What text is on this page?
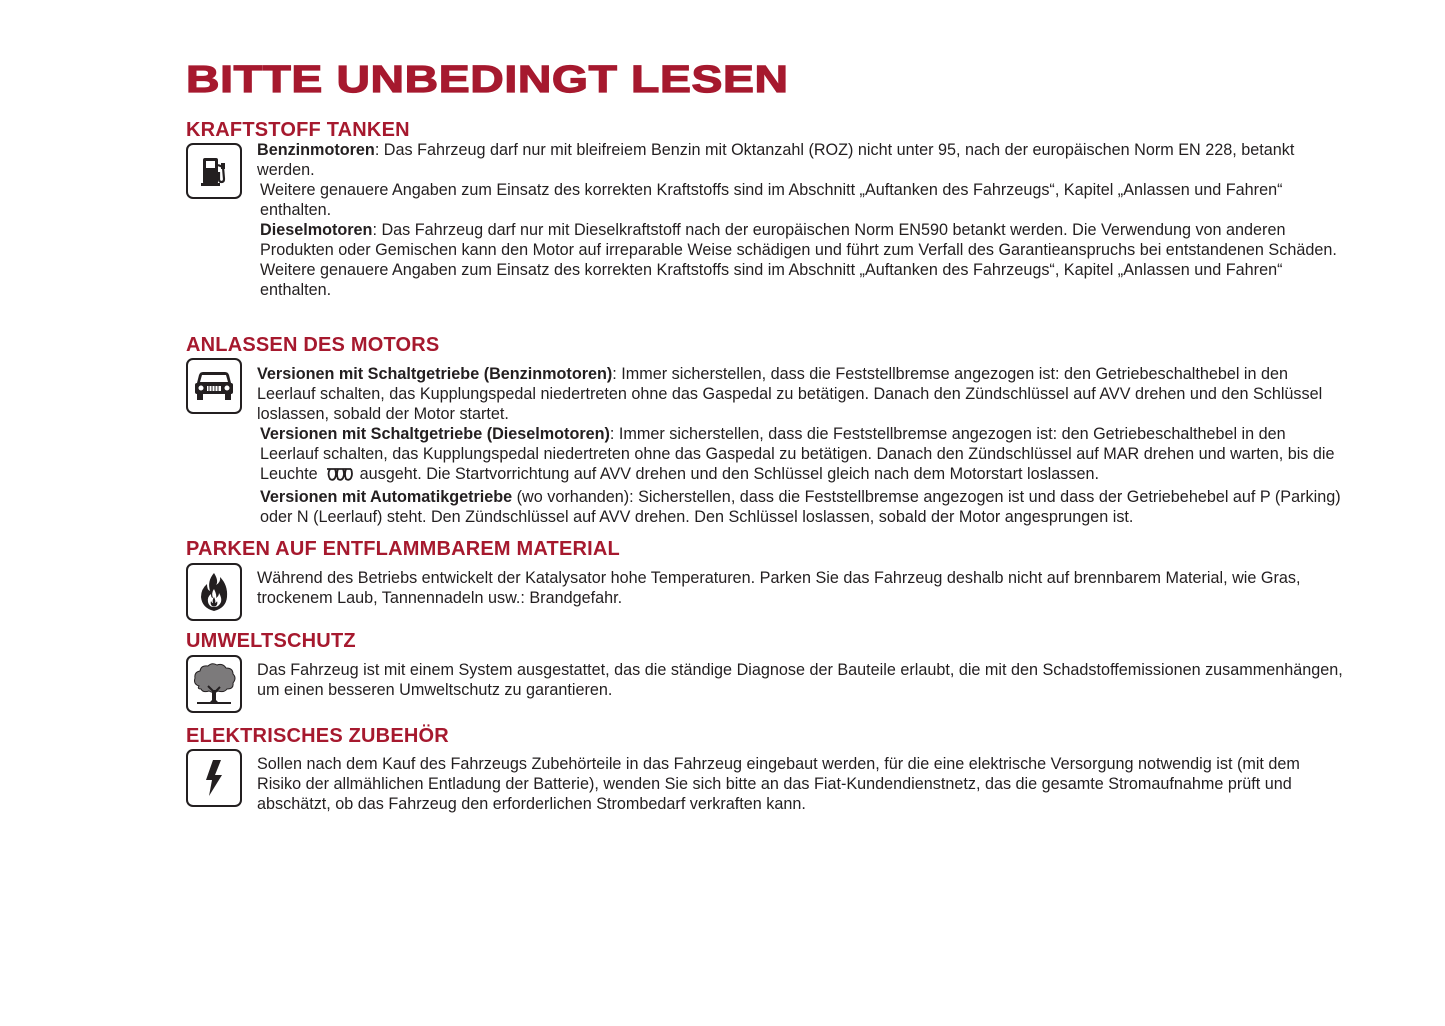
BITTE UNBEDINGT LESEN
KRAFTSTOFF TANKEN

Benzinmotoren: Das Fahrzeug darf nur mit bleifreiem Benzin mit Oktanzahl (ROZ) nicht unter 95, nach der europäischen Norm EN 228, betankt werden.

Weitere genauere Angaben zum Einsatz des korrekten Kraftstoffs sind im Abschnitt „Auftanken des Fahrzeugs“, Kapitel „Anlassen und Fahren“ enthalten.

Dieselmotoren: Das Fahrzeug darf nur mit Dieselkraftstoff nach der europäischen Norm EN590 betankt werden. Die Verwendung von anderen Produkten oder Gemischen kann den Motor auf irreparable Weise schädigen und führt zum Verfall des Garantieanspruchs bei entstandenen Schäden.

Weitere genauere Angaben zum Einsatz des korrekten Kraftstoffs sind im Abschnitt „Auftanken des Fahrzeugs“, Kapitel „Anlassen und Fahren“ enthalten.

ANLASSEN DES MOTORS

Versionen mit Schaltgetriebe (Benzinmotoren): Immer sicherstellen, dass die Feststellbremse angezogen ist: den Getriebeschalthebel in den Leerlauf schalten, das Kupplungspedal niedertreten ohne das Gaspedal zu betätigen. Danach den Zündschlüssel auf AVV drehen und den Schlüssel loslassen, sobald der Motor startet.

Versionen mit Schaltgetriebe (Dieselmotoren): Immer sicherstellen, dass die Feststellbremse angezogen ist: den Getriebeschalthebel in den Leerlauf schalten, das Kupplungspedal niedertreten ohne das Gaspedal zu betätigen. Danach den Zündschlüssel auf MAR drehen und warten, bis die Leuchte	ausgeht. Die Startvorrichtung auf AVV drehen und den Schlüssel gleich nach dem Motorstart loslassen.

Versionen mit Automatikgetriebe (wo vorhanden): Sicherstellen, dass die Feststellbremse angezogen ist und dass der Getriebehebel auf P (Parking) oder N (Leerlauf) steht. Den Zündschlüssel auf AVV drehen. Den Schlüssel loslassen, sobald der Motor angesprungen ist.

PARKEN AUF ENTFLAMMBAREM MATERIAL

Während des Betriebs entwickelt der Katalysator hohe Temperaturen. Parken Sie das Fahrzeug deshalb nicht auf brennbarem Material, wie Gras, trockenem Laub, Tannennadeln usw.: Brandgefahr.

UMWELTSCHUTZ

Das Fahrzeug ist mit einem System ausgestattet, das die ständige Diagnose der Bauteile erlaubt, die mit den Schadstoffemissionen zusammenhängen, um einen besseren Umweltschutz zu garantieren.

ELEKTRISCHES ZUBEHÖR

Sollen nach dem Kauf des Fahrzeugs Zubehörteile in das Fahrzeug eingebaut werden, für die eine elektrische Versorgung notwendig ist (mit dem Risiko der allmählichen Entladung der Batterie), wenden Sie sich bitte an das Fiat-Kundendienstnetz, das die gesamte Stromaufnahme prüft und abschätzt, ob das Fahrzeug den erforderlichen Strombedarf verkraften kann.
